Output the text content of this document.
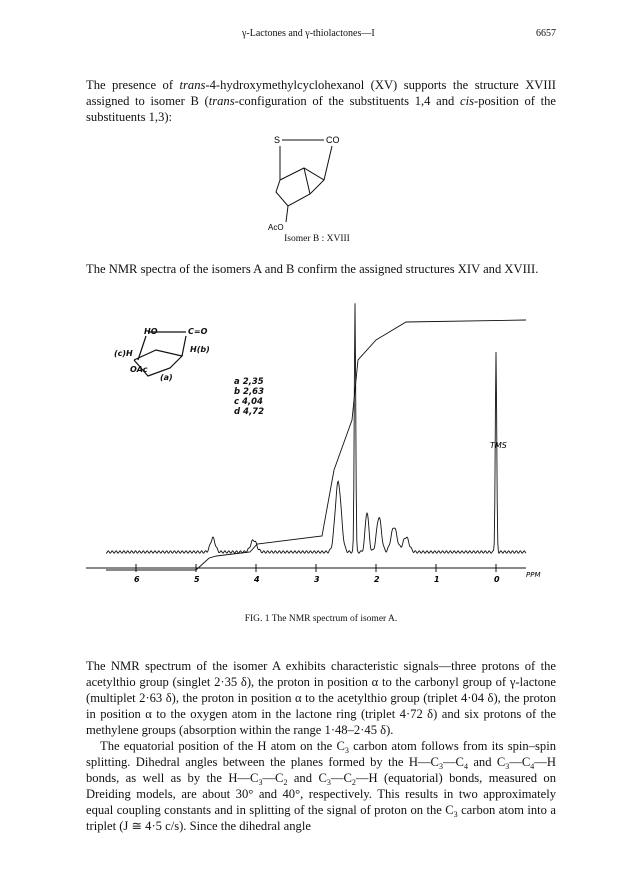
γ-Lactones and γ-thiolactones—I	6657
The presence of trans-4-hydroxymethylcyclohexanol (XV) supports the structure XVIII assigned to isomer B (trans-configuration of the substituents 1,4 and cis-position of the substituents 1,3):
S	CO
AcO
Isomer B : XVIII
The NMR spectra of the isomers A and B confirm the assigned structures XIV and XVIII.
HO	C=O
H(b)
(c)H
OAc
(a)	a 2,35
b 2,63
c 4,04
d 4,72
6	5	4	3	2	1	0
TMS
PPM
FIG. 1 The NMR spectrum of isomer A.
The NMR spectrum of the isomer A exhibits characteristic signals—three protons of the acetylthio group (singlet 2·35 δ), the proton in position α to the carbonyl group of γ-lactone (multiplet 2·63 δ), the proton in position α to the acetylthio group (triplet 4·04 δ), the proton in position α to the oxygen atom in the lactone ring (triplet 4·72 δ) and six protons of the methylene groups (absorption within the range 1·48–2·45 δ).
The equatorial position of the H atom on the $C_3$ carbon atom follows from its spin–spin splitting. Dihedral angles between the planes formed by the $H—C_3—C_4$ and $C_3—C_4—H$ bonds, as well as by the $H—C_3—C_2$ and $C_3—C_2—H$ (equatorial) bonds, measured on Dreiding models, are about 30° and 40°, respectively. This results in two approximately equal coupling constants and in splitting of the signal of proton on the $C_3$ carbon atom into a triplet (J ≅ 4·5 c/s). Since the dihedral angle
